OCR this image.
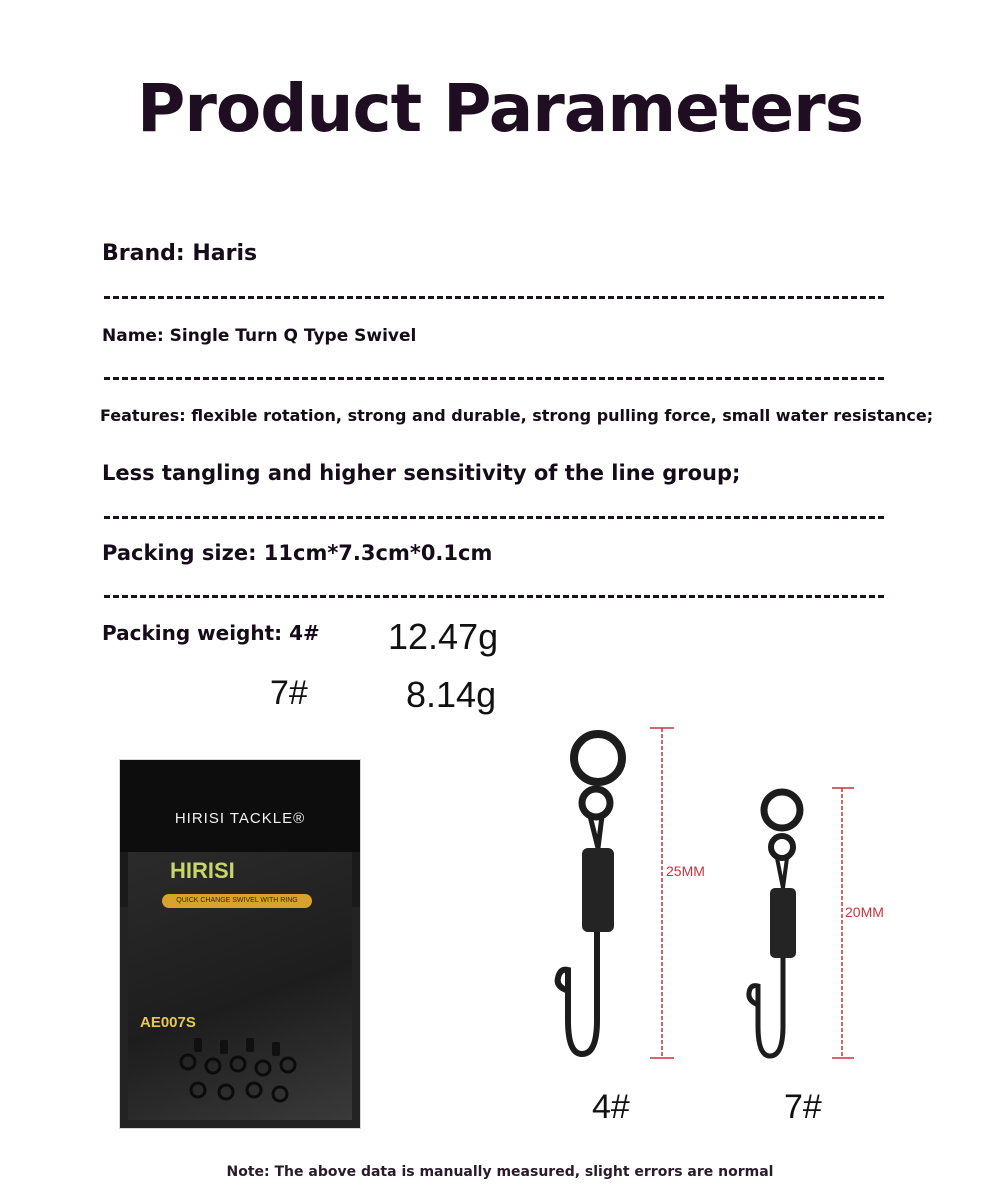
Product Parameters
Brand: Haris
Name: Single Turn Q Type Swivel
Features: flexible rotation, strong and durable, strong pulling force, small water resistance;
Less tangling and higher sensitivity of the line group;
Packing size: 11cm*7.3cm*0.1cm
Packing weight: 4# 12.47g
7#	8.14g
HIRISI TACKLE®
HIRISI
QUICK CHANGE SWIVEL WITH RING
AE007S
25MM
4#
20MM
7#
Note: The above data is manually measured, slight errors are normal
